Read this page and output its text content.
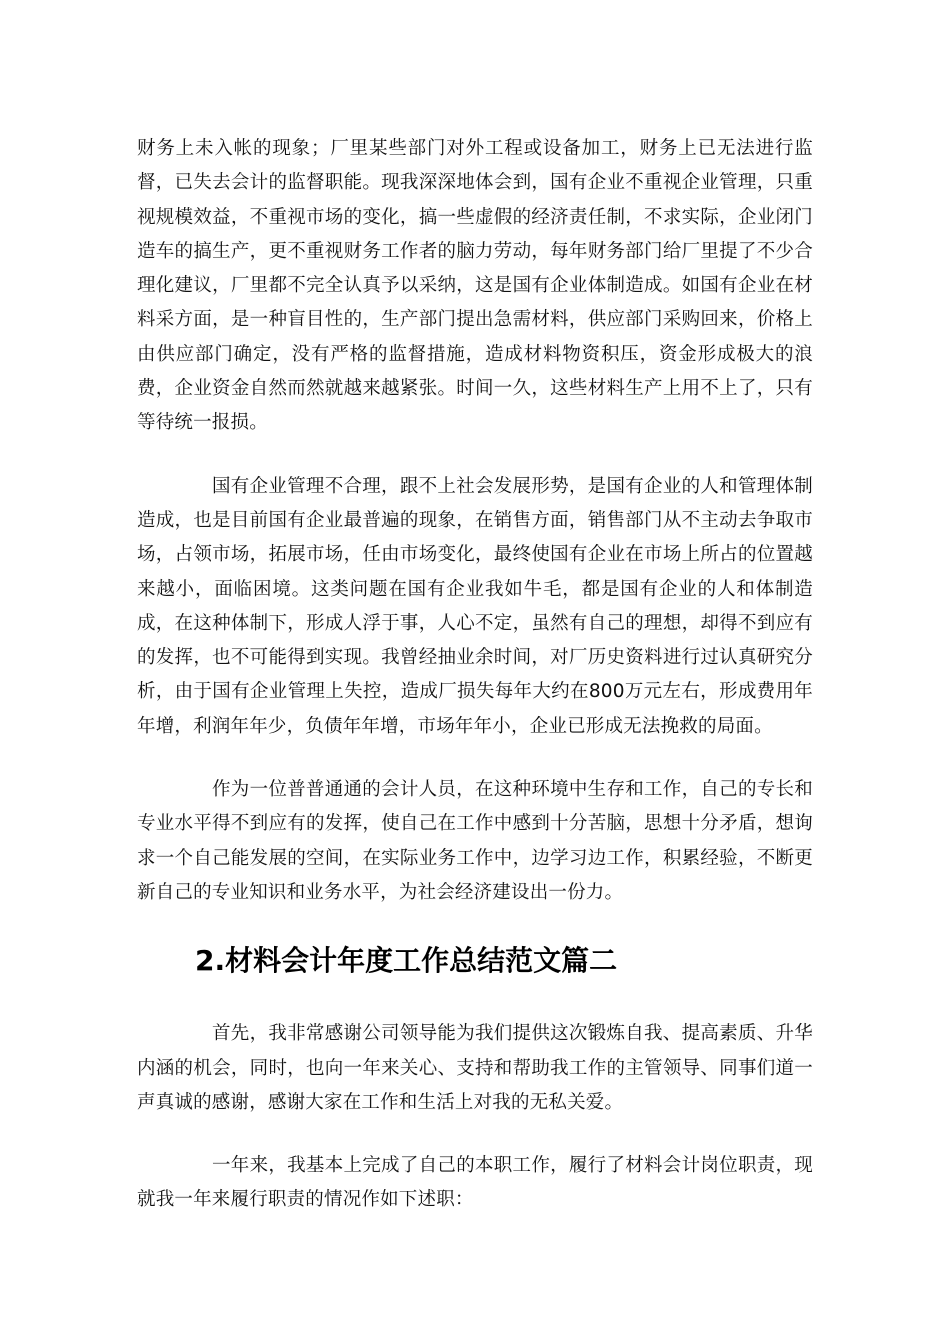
财务上未入帐的现象；厂里某些部门对外工程或设备加工，财务上已无法进行监督，已失去会计的监督职能。现我深深地体会到，国有企业不重视企业管理，只重视规模效益，不重视市场的变化，搞一些虚假的经济责任制，不求实际，企业闭门造车的搞生产，更不重视财务工作者的脑力劳动，每年财务部门给厂里提了不少合理化建议，厂里都不完全认真予以采纳，这是国有企业体制造成。如国有企业在材料采方面，是一种盲目性的，生产部门提出急需材料，供应部门采购回来，价格上由供应部门确定，没有严格的监督措施，造成材料物资积压，资金形成极大的浪费，企业资金自然而然就越来越紧张。时间一久，这些材料生产上用不上了，只有等待统一报损。

国有企业管理不合理，跟不上社会发展形势，是国有企业的人和管理体制造成，也是目前国有企业最普遍的现象，在销售方面，销售部门从不主动去争取市场，占领市场，拓展市场，任由市场变化，最终使国有企业在市场上所占的位置越来越小，面临困境。这类问题在国有企业我如牛毛，都是国有企业的人和体制造成，在这种体制下，形成人浮于事，人心不定，虽然有自己的理想，却得不到应有的发挥，也不可能得到实现。我曾经抽业余时间，对厂历史资料进行过认真研究分析，由于国有企业管理上失控，造成厂损失每年大约在800万元左右，形成费用年年增，利润年年少，负债年年增，市场年年小，企业已形成无法挽救的局面。

作为一位普普通通的会计人员，在这种环境中生存和工作，自己的专长和专业水平得不到应有的发挥，使自己在工作中感到十分苦脑，思想十分矛盾，想询求一个自己能发展的空间，在实际业务工作中，边学习边工作，积累经验，不断更新自己的专业知识和业务水平，为社会经济建设出一份力。

2.材料会计年度工作总结范文篇二

首先，我非常感谢公司领导能为我们提供这次锻炼自我、提高素质、升华内涵的机会，同时，也向一年来关心、支持和帮助我工作的主管领导、同事们道一声真诚的感谢，感谢大家在工作和生活上对我的无私关爱。

一年来，我基本上完成了自己的本职工作，履行了材料会计岗位职责，现就我一年来履行职责的情况作如下述职：
